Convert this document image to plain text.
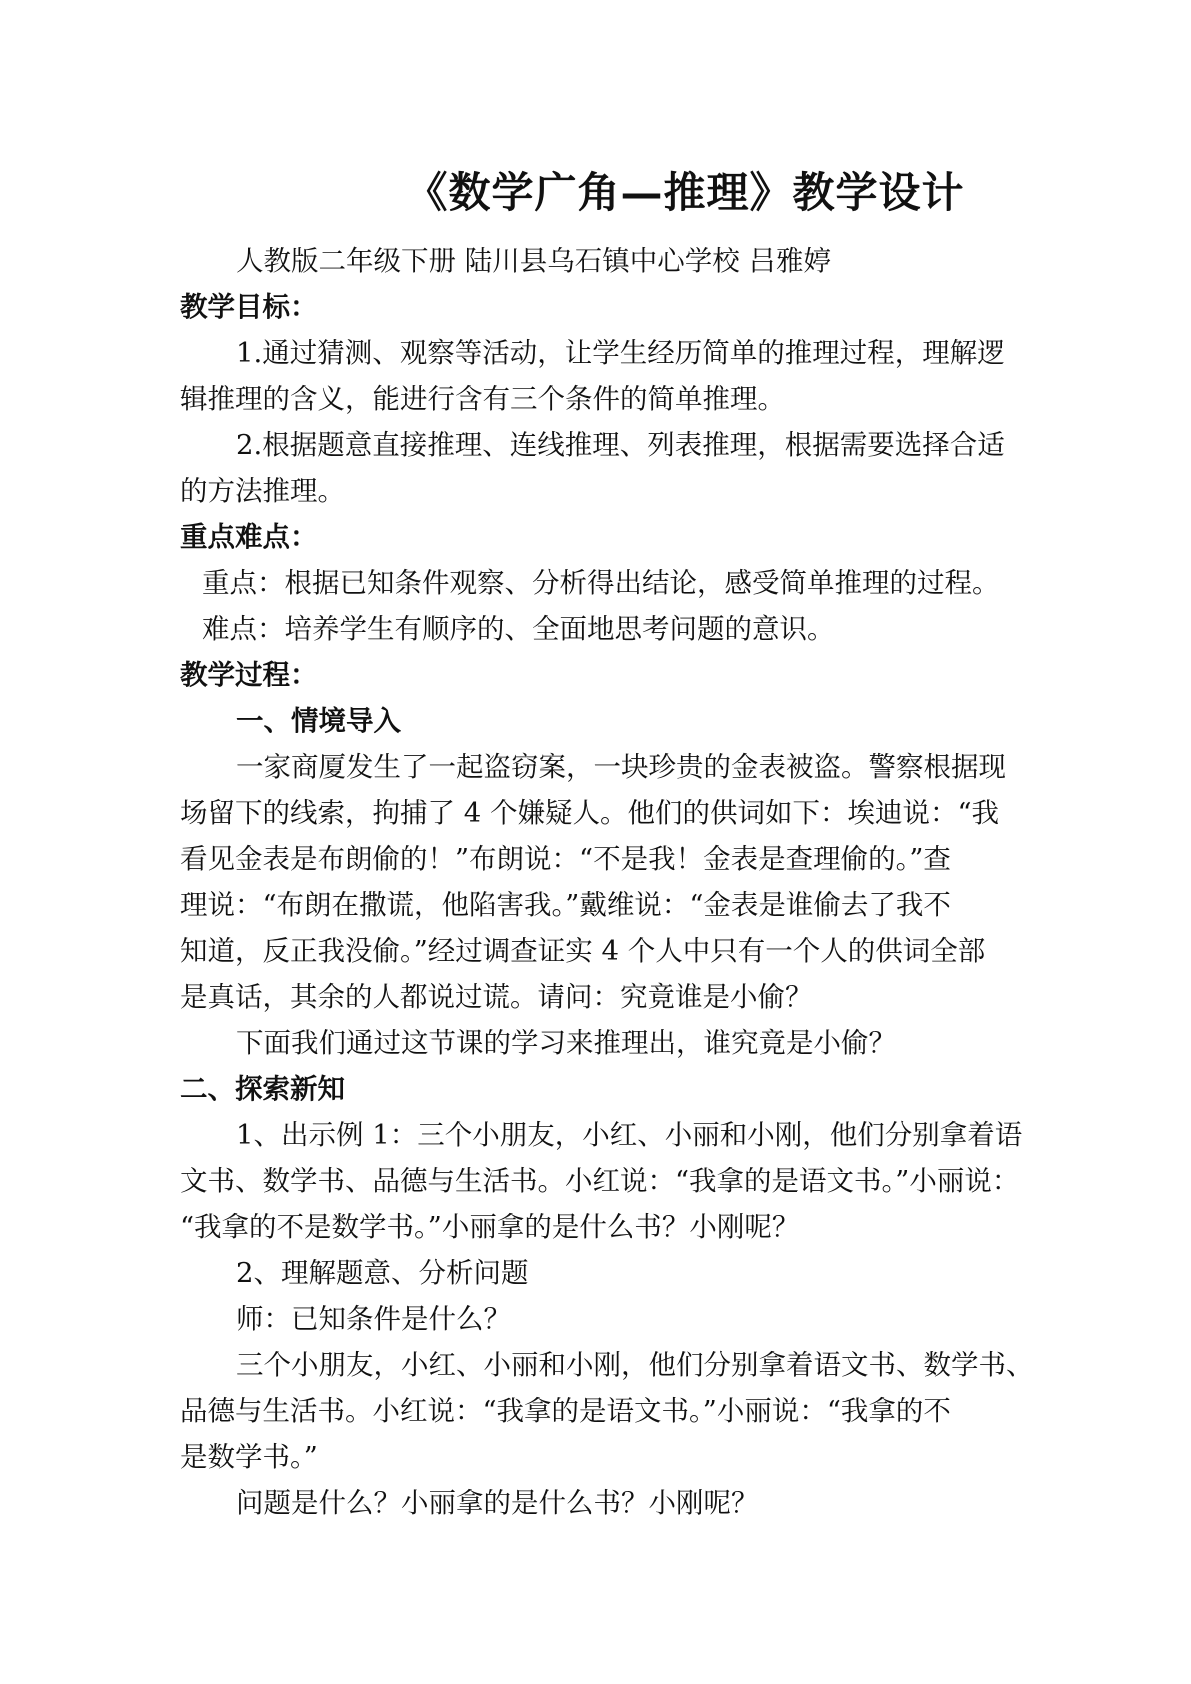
《数学广角—推理》教学设计
人教版二年级下册 陆川县乌石镇中心学校 吕雅婷
教学目标：
1.通过猜测、观察等活动，让学生经历简单的推理过程，理解逻
辑推理的含义，能进行含有三个条件的简单推理。
2.根据题意直接推理、连线推理、列表推理，根据需要选择合适
的方法推理。
重点难点：
重点：根据已知条件观察、分析得出结论，感受简单推理的过程。
难点：培养学生有顺序的、全面地思考问题的意识。
教学过程：
一、情境导入
一家商厦发生了一起盗窃案，一块珍贵的金表被盗。警察根据现
场留下的线索，拘捕了 4 个嫌疑人。他们的供词如下：埃迪说：“我
看见金表是布朗偷的！”布朗说：“不是我！金表是查理偷的。”查
理说：“布朗在撒谎，他陷害我。”戴维说：“金表是谁偷去了我不
知道，反正我没偷。”经过调查证实 4 个人中只有一个人的供词全部
是真话，其余的人都说过谎。请问：究竟谁是小偷？
下面我们通过这节课的学习来推理出，谁究竟是小偷？
二、探索新知
1、出示例 1：三个小朋友，小红、小丽和小刚，他们分别拿着语
文书、数学书、品德与生活书。小红说：“我拿的是语文书。”小丽说：
“我拿的不是数学书。”小丽拿的是什么书？小刚呢？
2、理解题意、分析问题
师：已知条件是什么？
三个小朋友，小红、小丽和小刚，他们分别拿着语文书、数学书、
品德与生活书。小红说：“我拿的是语文书。”小丽说：“我拿的不
是数学书。”
问题是什么？小丽拿的是什么书？小刚呢？
